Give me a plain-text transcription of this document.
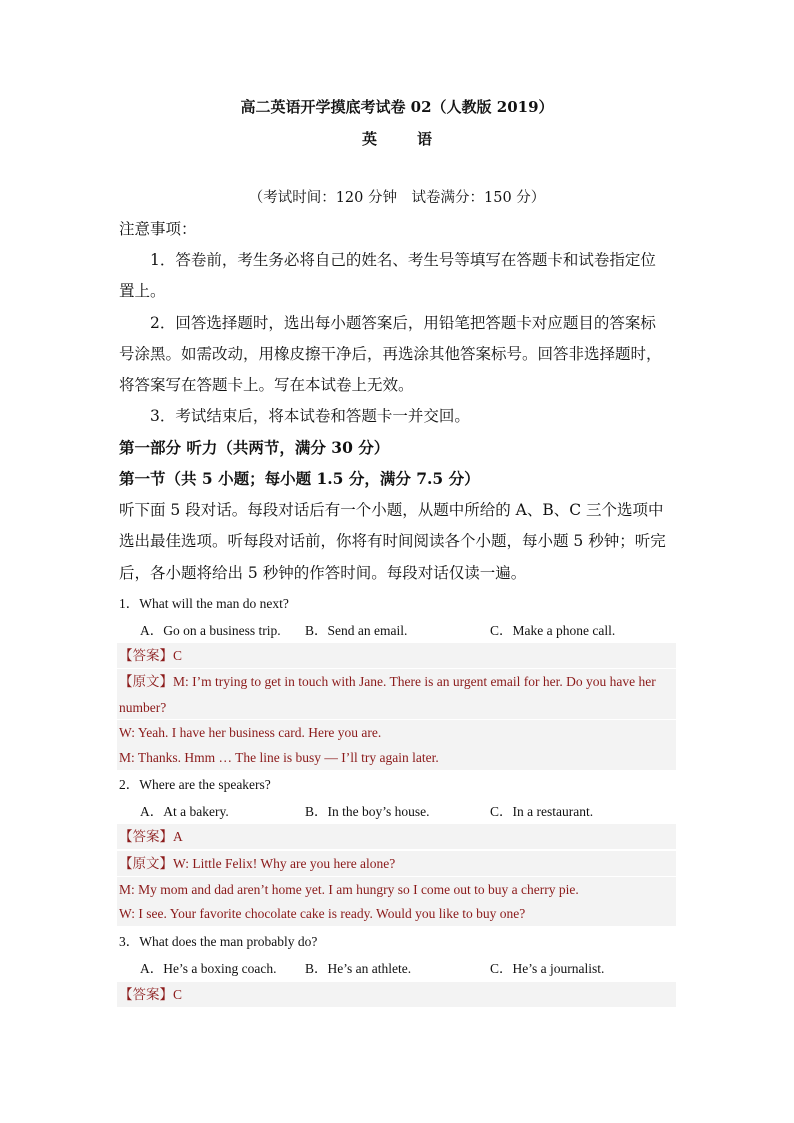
高二英语开学摸底考试卷 02（人教版 2019）
英	语
（考试时间：120 分钟　试卷满分：150 分）
注意事项：
1．答卷前，考生务必将自己的姓名、考生号等填写在答题卡和试卷指定位
置上。
2．回答选择题时，选出每小题答案后，用铅笔把答题卡对应题目的答案标
号涂黑。如需改动，用橡皮擦干净后，再选涂其他答案标号。回答非选择题时，
将答案写在答题卡上。写在本试卷上无效。
3．考试结束后，将本试卷和答题卡一并交回。
第一部分 听力（共两节，满分 30 分）
第一节（共 5 小题；每小题 1.5 分，满分 7.5 分）
听下面 5 段对话。每段对话后有一个小题，从题中所给的 A、B、C 三个选项中
选出最佳选项。听每段对话前，你将有时间阅读各个小题，每小题 5 秒钟；听完
后，各小题将给出 5 秒钟的作答时间。每段对话仅读一遍。
1．What will the man do next?
A．Go on a business trip. B．Send an email.	C．Make a phone call.
【答案】C
【原文】M: I’m trying to get in touch with Jane. There is an urgent email for her. Do you have her number?
W: Yeah. I have her business card. Here you are.
M: Thanks. Hmm … The line is busy — I’ll try again later.
2．Where are the speakers?
A．At a bakery.	B．In the boy’s house.	C．In a restaurant.
【答案】A
【原文】W: Little Felix! Why are you here alone?
M: My mom and dad aren’t home yet. I am hungry so I come out to buy a cherry pie.
W: I see. Your favorite chocolate cake is ready. Would you like to buy one?
3．What does the man probably do?
A．He’s a boxing coach. B．He’s an athlete.	C．He’s a journalist.
【答案】C
